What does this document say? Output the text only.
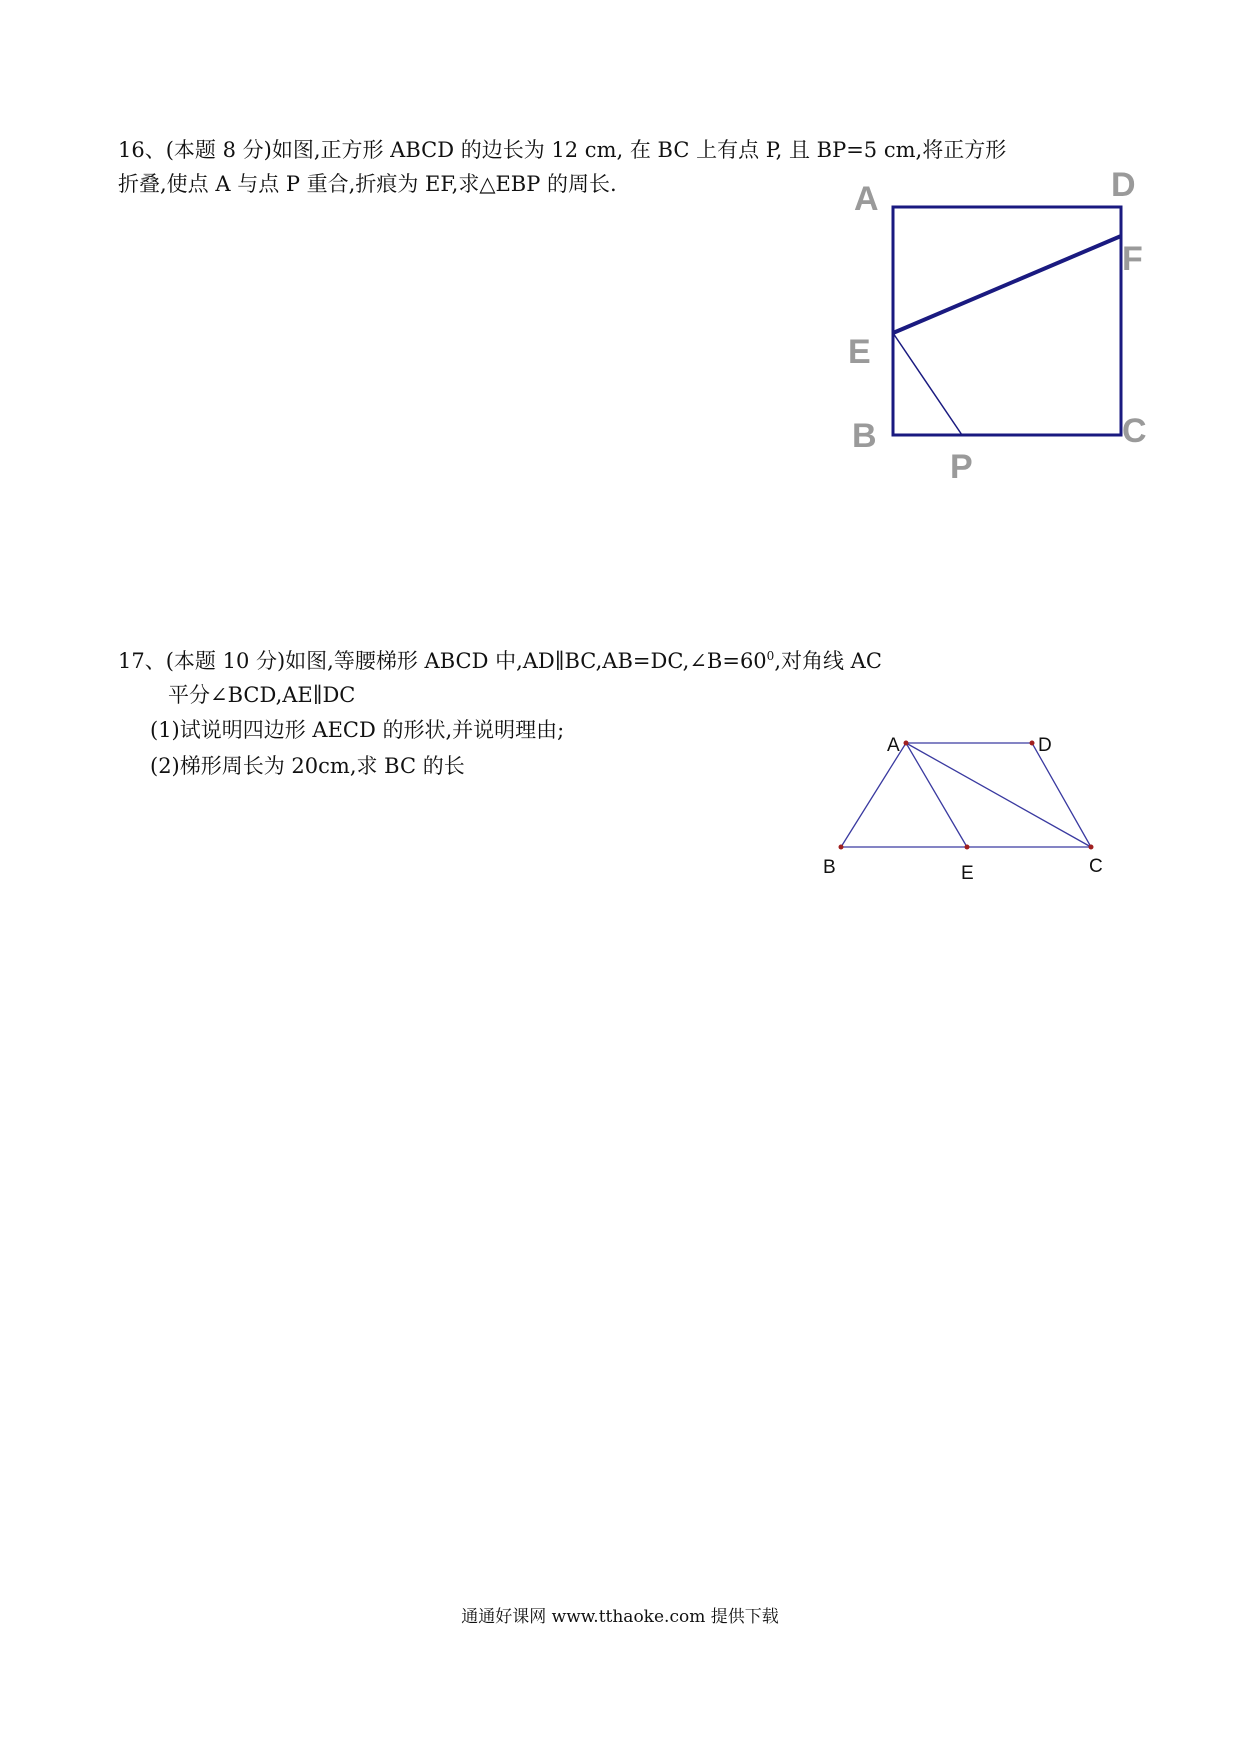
16、(本题 8 分)如图,正方形 ABCD 的边长为 12 cm, 在 BC 上有点 P, 且 BP=5 cm,将正方形
折叠,使点 A 与点 P 重合,折痕为 EF,求△EBP 的周长.	A	D
F
E
B	C
P
17、(本题 10 分)如图,等腰梯形 ABCD 中$,AD\parallel BC,AB=DC,\angle B=60^0$,对角线 AC
平分∠BCD,AE∥DC
(1)试说明四边形 AECD 的形状,并说明理由;
(2)梯形周长为 20cm,求 BC 的长
A	D
B	E	C
通通好课网 www.tthaoke.com 提供下载
